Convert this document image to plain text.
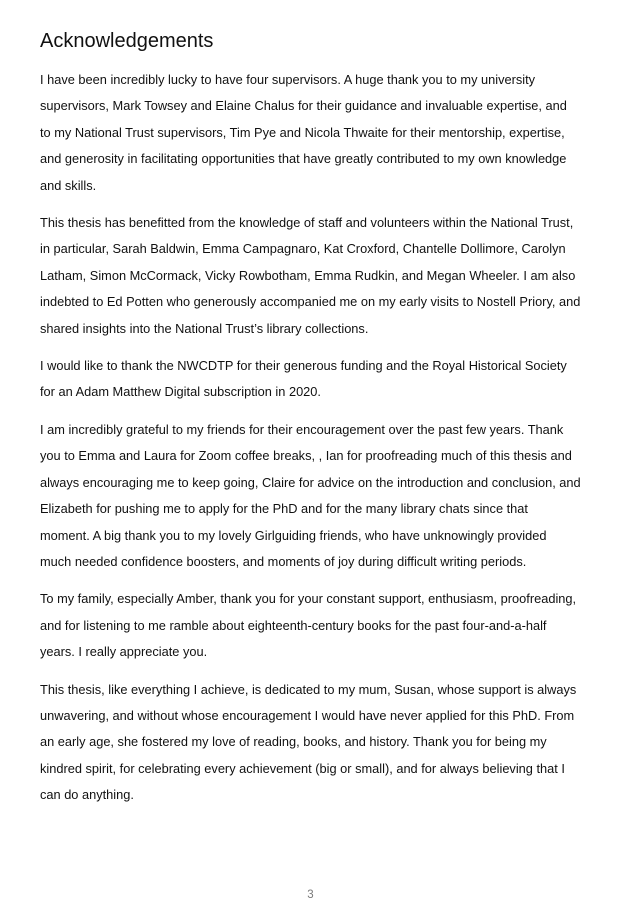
Acknowledgements

I have been incredibly lucky to have four supervisors. A huge thank you to my university supervisors, Mark Towsey and Elaine Chalus for their guidance and invaluable expertise, and to my National Trust supervisors, Tim Pye and Nicola Thwaite for their mentorship, expertise, and generosity in facilitating opportunities that have greatly contributed to my own knowledge and skills.

This thesis has benefitted from the knowledge of staff and volunteers within the National Trust, in particular, Sarah Baldwin, Emma Campagnaro, Kat Croxford, Chantelle Dollimore, Carolyn Latham, Simon McCormack, Vicky Rowbotham, Emma Rudkin, and Megan Wheeler. I am also indebted to Ed Potten who generously accompanied me on my early visits to Nostell Priory, and shared insights into the National Trust’s library collections.

I would like to thank the NWCDTP for their generous funding and the Royal Historical Society for an Adam Matthew Digital subscription in 2020.

I am incredibly grateful to my friends for their encouragement over the past few years. Thank you to Emma and Laura for Zoom coffee breaks, , Ian for proofreading much of this thesis and always encouraging me to keep going, Claire for advice on the introduction and conclusion, and Elizabeth for pushing me to apply for the PhD and for the many library chats since that moment. A big thank you to my lovely Girlguiding friends, who have unknowingly provided much needed confidence boosters, and moments of joy during difficult writing periods.

To my family, especially Amber, thank you for your constant support, enthusiasm, proofreading, and for listening to me ramble about eighteenth-century books for the past four-and-a-half years. I really appreciate you.

This thesis, like everything I achieve, is dedicated to my mum, Susan, whose support is always unwavering, and without whose encouragement I would have never applied for this PhD. From an early age, she fostered my love of reading, books, and history. Thank you for being my kindred spirit, for celebrating every achievement (big or small), and for always believing that I can do anything.

3
